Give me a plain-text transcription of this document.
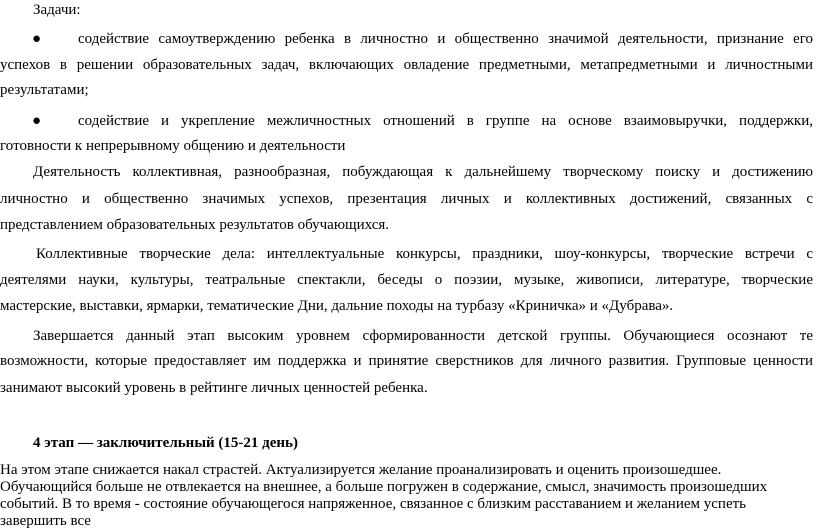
Задачи:

● содействие самоутверждению ребенка в личностно и общественно значимой деятельности, признание его

успехов в решении образовательных задач, включающих овладение предметными, метапредметными и личностными

результатами;

● содействие и укрепление межличностных отношений в группе на основе взаимовыручки, поддержки,

готовности к непрерывному общению и деятельности

Деятельность коллективная, разнообразная, побуждающая к дальнейшему творческому поиску и достижению

личностно и общественно значимых успехов, презентация личных и коллективных достижений, связанных с

представлением образовательных результатов обучающихся.

Коллективные творческие дела: интеллектуальные конкурсы, праздники, шоу-конкурсы, творческие встречи с

деятелями науки, культуры, театральные спектакли, беседы о поэзии, музыке, живописи, литературе, творческие

мастерские, выставки, ярмарки, тематические Дни, дальние походы на турбазу «Криничка» и «Дубрава».

Завершается данный этап высоким уровнем сформированности детской группы. Обучающиеся осознают те

возможности, которые предоставляет им поддержка и принятие сверстников для личного развития. Групповые ценности

занимают высокий уровень в рейтинге личных ценностей ребенка.

4 этап — заключительный (15-21 день)

На этом этапе снижается накал страстей. Актуализируется желание проанализировать и оценить произошедшее.

Обучающийся больше не отвлекается на внешнее, а больше погружен в содержание, смысл, значимость произошедших

событий. В то время - состояние обучающегося напряженное, связанное с близким расставанием и желанием успеть

завершить все
